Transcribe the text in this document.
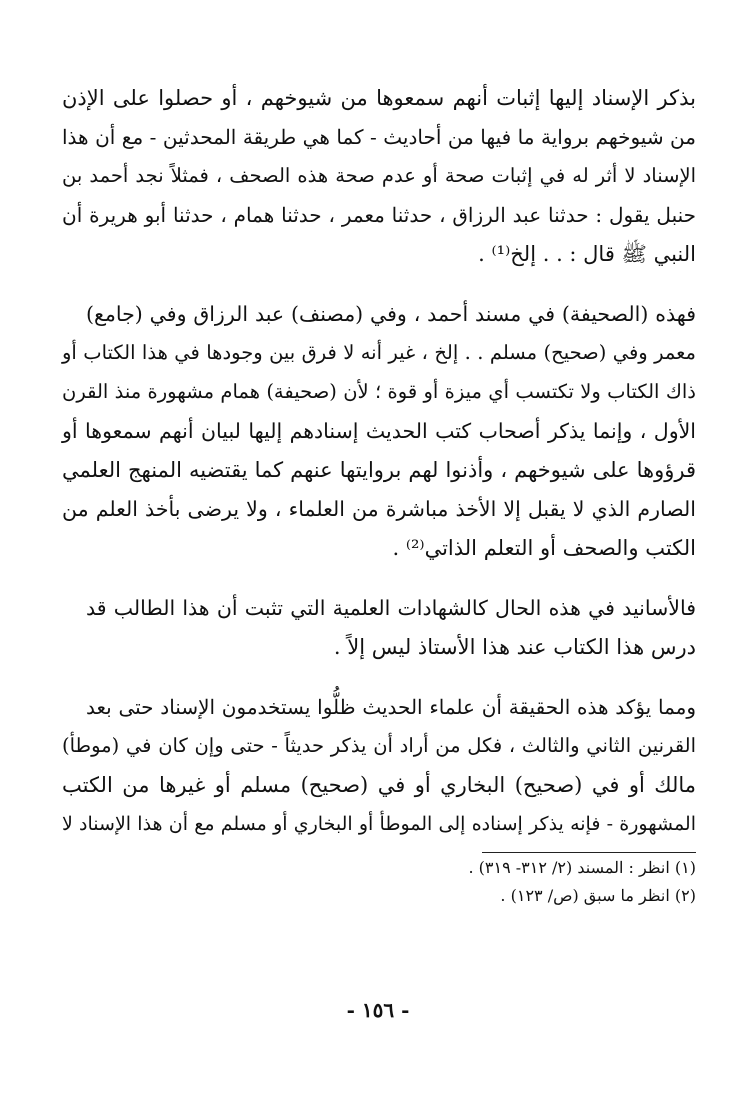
بذكر الإسناد إليها إثبات أنهم سمعوها من شيوخهم ، أو حصلوا على الإذن
من شيوخهم برواية ما فيها من أحاديث - كما هي طريقة المحدثين - مع أن هذا
الإسناد لا أثر له في إثبات صحة أو عدم صحة هذه الصحف ، فمثلاً نجد أحمد بن
حنبل يقول : حدثنا عبد الرزاق ، حدثنا معمر ، حدثنا همام ، حدثنا أبو هريرة أن
النبي ﷺ قال : . . إلخ⁽¹⁾ .
فهذه (الصحيفة) في مسند أحمد ، وفي (مصنف) عبد الرزاق وفي (جامع)
معمر وفي (صحيح) مسلم . . إلخ ، غير أنه لا فرق بين وجودها في هذا الكتاب أو
ذاك الكتاب ولا تكتسب أي ميزة أو قوة ؛ لأن (صحيفة) همام مشهورة منذ القرن
الأول ، وإنما يذكر أصحاب كتب الحديث إسنادهم إليها لبيان أنهم سمعوها أو
قرؤوها على شيوخهم ، وأذنوا لهم بروايتها عنهم كما يقتضيه المنهج العلمي
الصارم الذي لا يقبل إلا الأخذ مباشرة من العلماء ، ولا يرضى بأخذ العلم من
الكتب والصحف أو التعلم الذاتي⁽²⁾ .
فالأسانيد في هذه الحال كالشهادات العلمية التي تثبت أن هذا الطالب قد
درس هذا الكتاب عند هذا الأستاذ ليس إلاً .
ومما يؤكد هذه الحقيقة أن علماء الحديث ظلُّوا يستخدمون الإسناد حتى بعد
القرنين الثاني والثالث ، فكل من أراد أن يذكر حديثاً - حتى وإن كان في (موطأ)
مالك أو في (صحيح) البخاري أو في (صحيح) مسلم أو غيرها من الكتب
المشهورة - فإنه يذكر إسناده إلى الموطأ أو البخاري أو مسلم مع أن هذا الإسناد لا
(١) انظر : المسند (٢/ ٣١٢- ٣١٩) .
(٢) انظر ما سبق (ص/ ١٢٣) .
- ١٥٦ -
